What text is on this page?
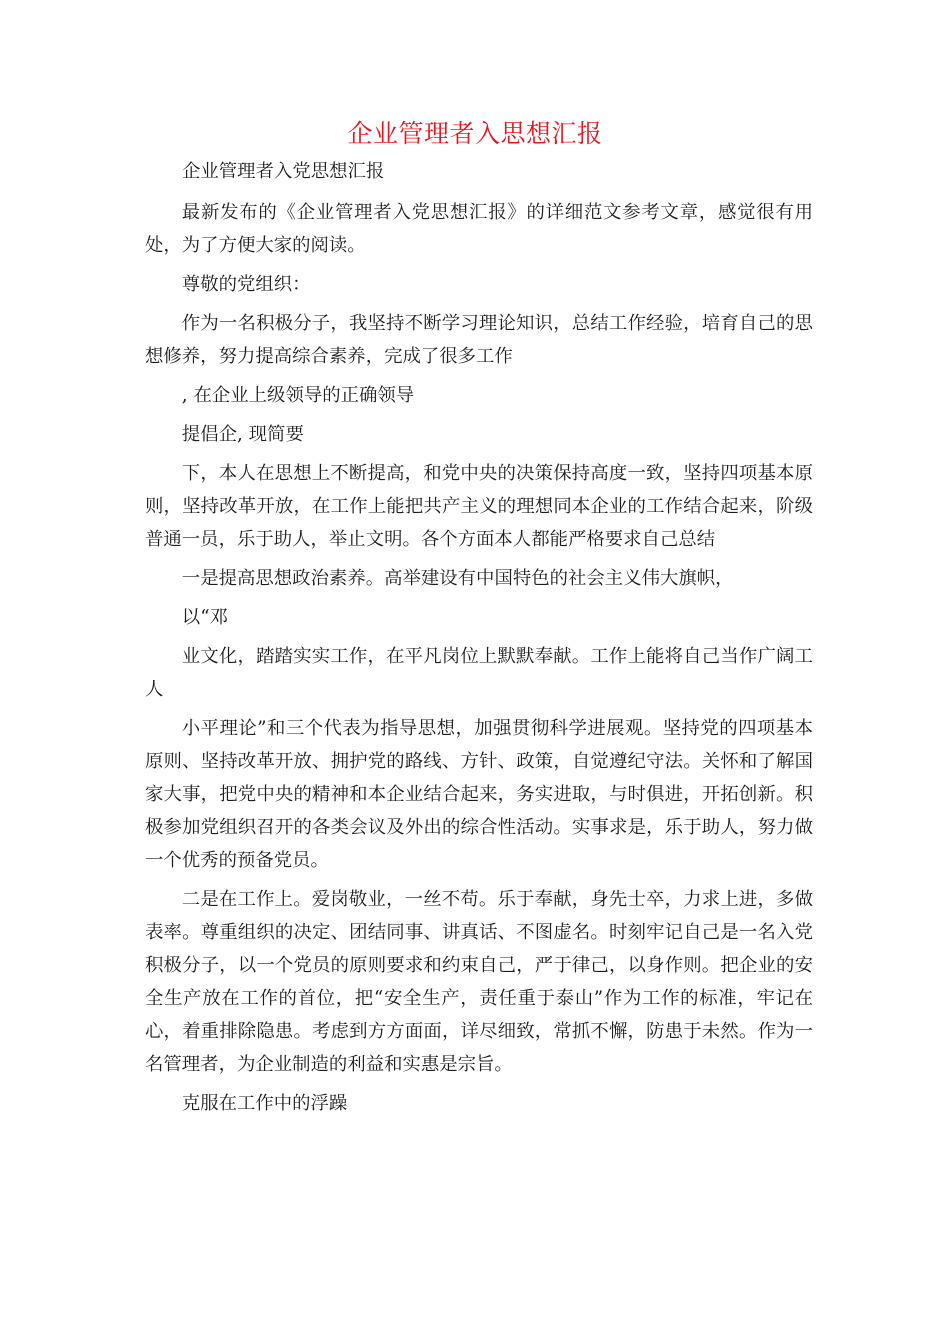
企业管理者入思想汇报

企业管理者入党思想汇报

最新发布的《企业管理者入党思想汇报》的详细范文参考文章，感觉很有用处，为了方便大家的阅读。

尊敬的党组织：

作为一名积极分子，我坚持不断学习理论知识，总结工作经验，培育自己的思想修养，努力提高综合素养，完成了很多工作

, 在企业上级领导的正确领导

提倡企, 现简要

下，本人在思想上不断提高，和党中央的决策保持高度一致，坚持四项基本原则，坚持改革开放，在工作上能把共产主义的理想同本企业的工作结合起来，阶级普通一员，乐于助人，举止文明。各个方面本人都能严格要求自己总结

一是提高思想政治素养。高举建设有中国特色的社会主义伟大旗帜，

以“邓

业文化，踏踏实实工作，在平凡岗位上默默奉献。工作上能将自己当作广阔工人

小平理论”和三个代表为指导思想，加强贯彻科学进展观。坚持党的四项基本原则、坚持改革开放、拥护党的路线、方针、政策，自觉遵纪守法。关怀和了解国家大事，把党中央的精神和本企业结合起来，务实进取，与时俱进，开拓创新。积极参加党组织召开的各类会议及外出的综合性活动。实事求是，乐于助人，努力做一个优秀的预备党员。

二是在工作上。爱岗敬业，一丝不苟。乐于奉献，身先士卒，力求上进，多做表率。尊重组织的决定、团结同事、讲真话、不图虚名。时刻牢记自己是一名入党积极分子，以一个党员的原则要求和约束自己，严于律己，以身作则。把企业的安全生产放在工作的首位，把“安全生产，责任重于泰山”作为工作的标准，牢记在心，着重排除隐患。考虑到方方面面，详尽细致，常抓不懈，防患于未然。作为一名管理者，为企业制造的利益和实惠是宗旨。

克服在工作中的浮躁
